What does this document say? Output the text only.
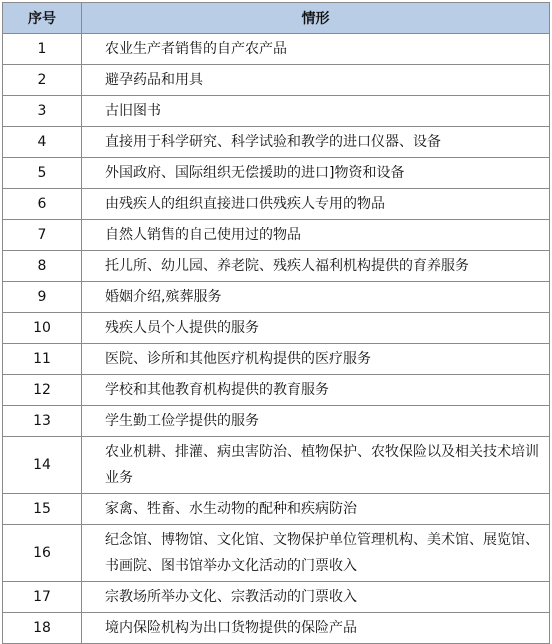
序号	情形
1	农业生产者销售的自产农产品
2	避孕药品和用具
3	古旧图书
4	直接用于科学研究、科学试验和教学的进口仪器、设备
5	外国政府、国际组织无偿援助的进口]物资和设备
6	由残疾人的组织直接进口供残疾人专用的物品
7	自然人销售的自己使用过的物品
8	托儿所、幼儿园、养老院、残疾人福利机构提供的育养服务
9	婚姻介绍,殡葬服务
10	残疾人员个人提供的服务
11	医院、诊所和其他医疗机构提供的医疗服务
12	学校和其他教育机构提供的教育服务
13	学生勤工俭学提供的服务
14	农业机耕、排灌、病虫害防治、植物保护、农牧保险以及相关技术培训业务
15	家禽、牲畜、水生动物的配种和疾病防治
16	纪念馆、博物馆、文化馆、文物保护单位管理机构、美术馆、展览馆、书画院、图书馆举办文化活动的门票收入
17	宗教场所举办文化、宗教活动的门票收入
18	境内保险机构为出口货物提供的保险产品
